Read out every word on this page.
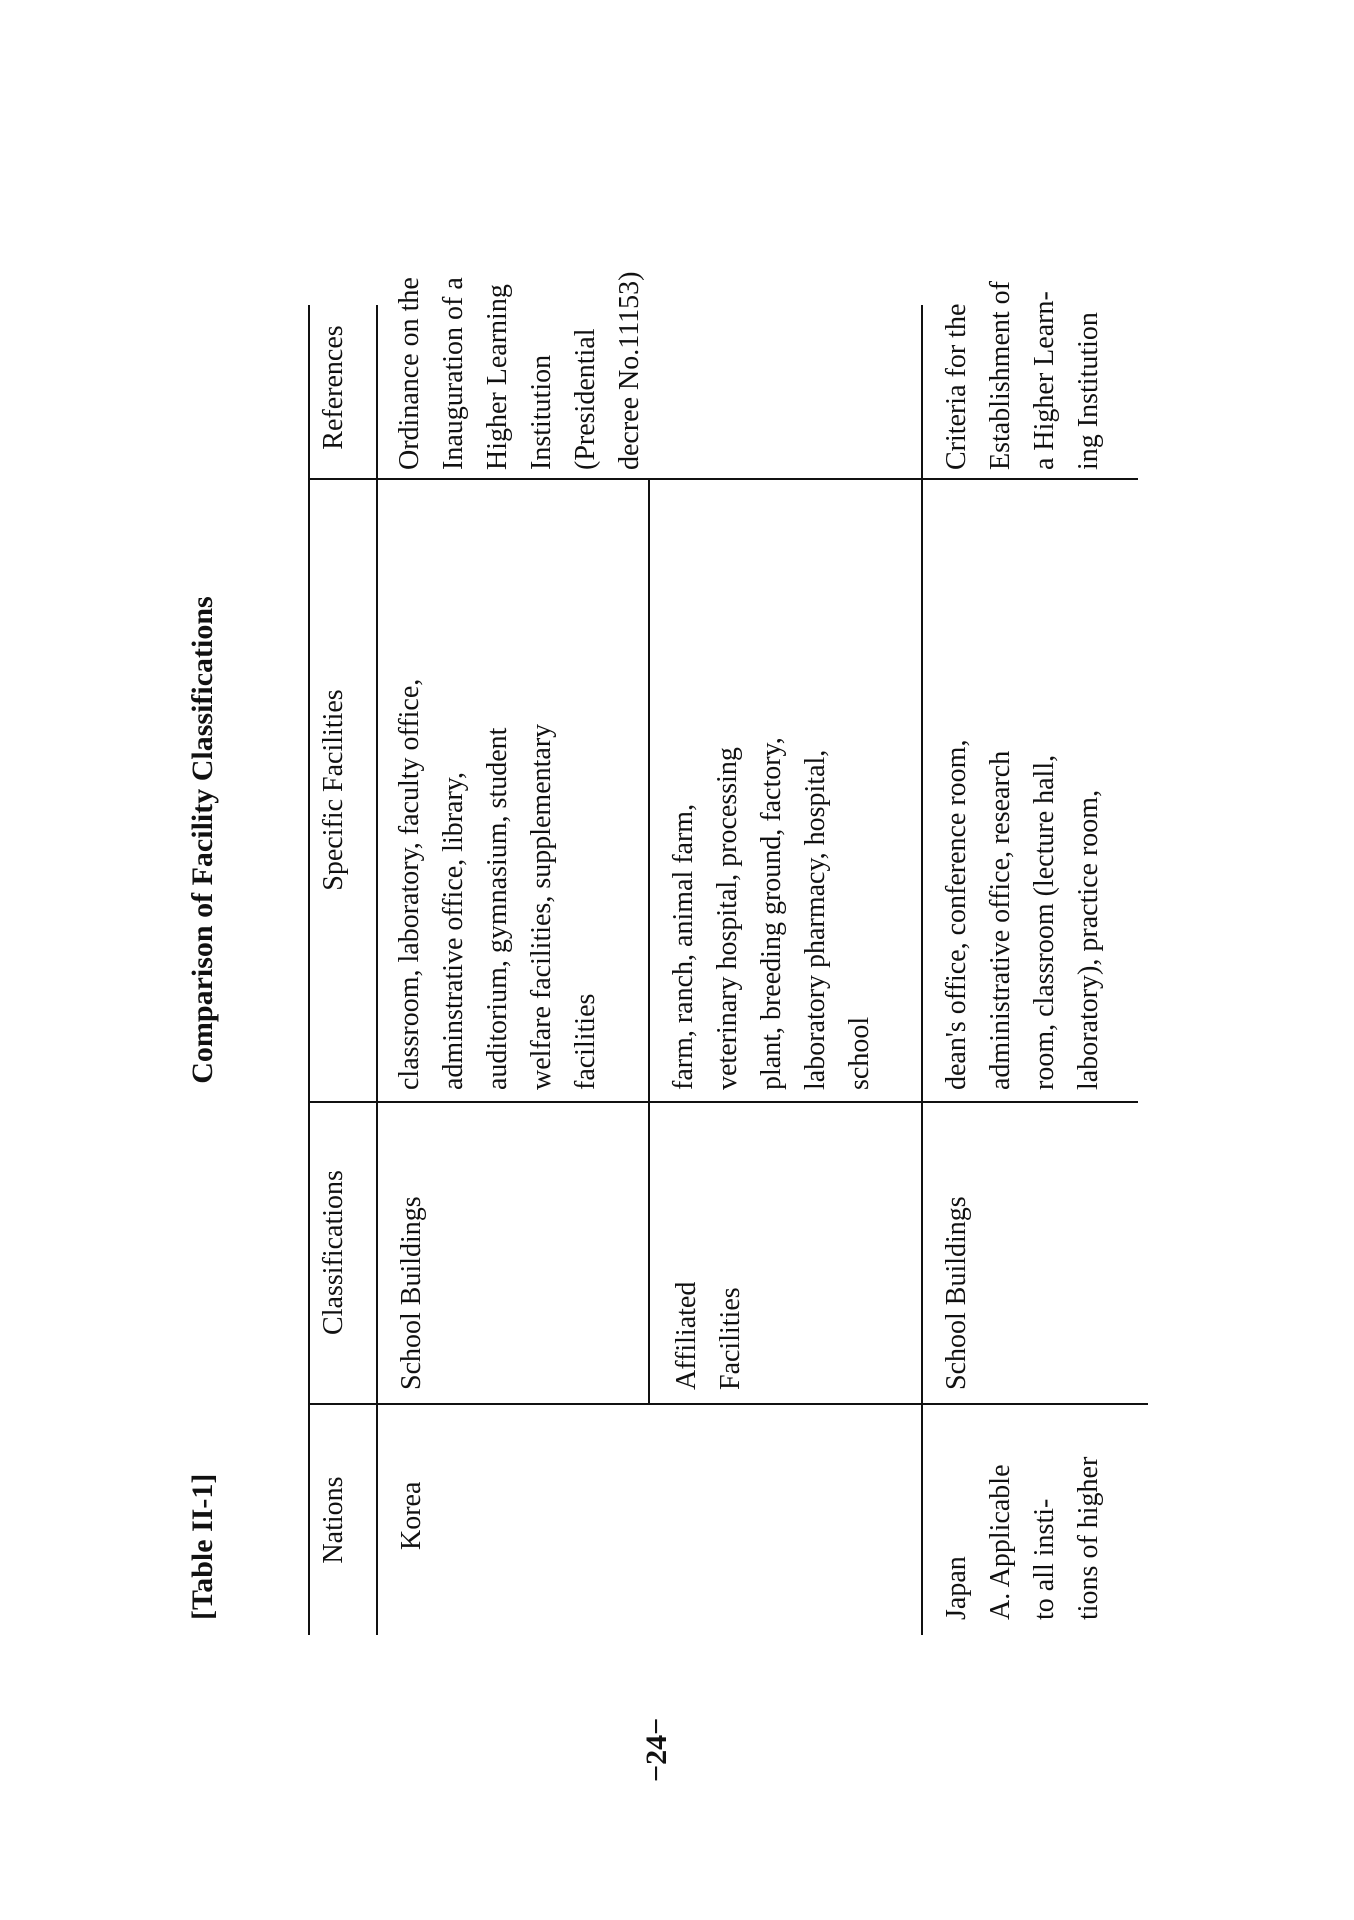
[Table II-1]
Comparison of Facility Classifications
−24−
Nations
Classifications
Specific Facilities
References
Korea
School Buildings
classroom, laboratory, faculty office,
adminstrative office, library,
auditorium, gymnasium, student
welfare facilities, supplementary
facilities
Affiliated
Facilities
farm, ranch, animal farm,
veterinary hospital, processing
plant, breeding ground, factory,
laboratory pharmacy, hospital,
school
Ordinance on the
Inauguration of a
Higher Learning
Institution
(Presidential
decree No.11153)
Japan
A. Applicable
to all insti-
tions of higher
School Buildings
dean's office, conference room,
administrative office, research
room, classroom (lecture hall,
laboratory), practice room,
Criteria for the
Establishment of
a Higher Learn-
ing Institution
